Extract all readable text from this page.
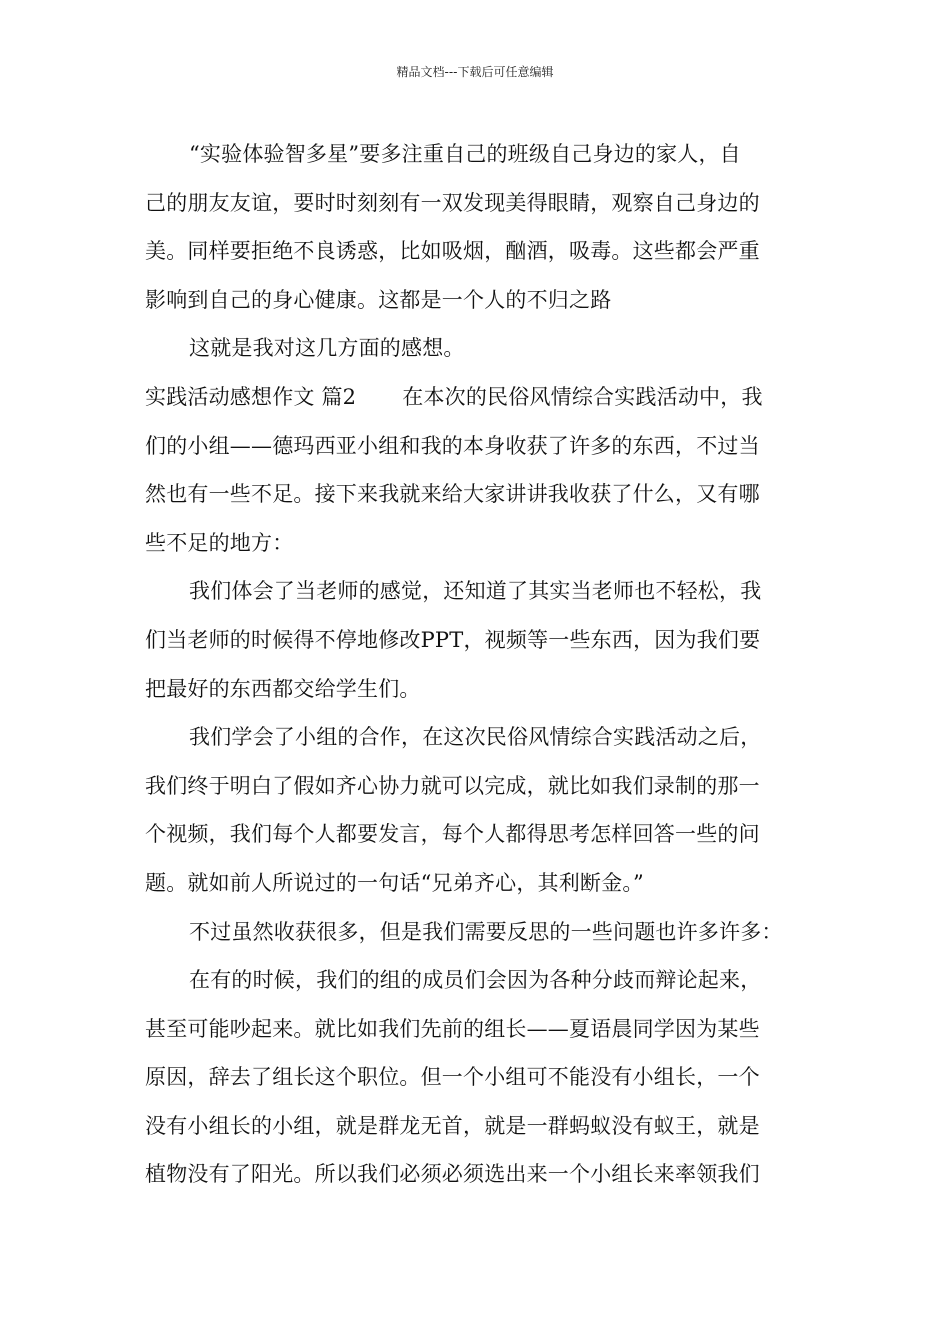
精品文档---下载后可任意编辑
“实验体验智多星”要多注重自己的班级自己身边的家人，自
己的朋友友谊，要时时刻刻有一双发现美得眼睛，观察自己身边的
美。同样要拒绝不良诱惑，比如吸烟，酗酒，吸毒。这些都会严重
影响到自己的身心健康。这都是一个人的不归之路
这就是我对这几方面的感想。
实践活动感想作文 篇2 在本次的民俗风情综合实践活动中，我
们的小组——德玛西亚小组和我的本身收获了许多的东西，不过当
然也有一些不足。接下来我就来给大家讲讲我收获了什么，又有哪
些不足的地方：
我们体会了当老师的感觉，还知道了其实当老师也不轻松，我
们当老师的时候得不停地修改PPT，视频等一些东西，因为我们要
把最好的东西都交给学生们。
我们学会了小组的合作，在这次民俗风情综合实践活动之后，
我们终于明白了假如齐心协力就可以完成，就比如我们录制的那一
个视频，我们每个人都要发言，每个人都得思考怎样回答一些的问
题。就如前人所说过的一句话“兄弟齐心，其利断金。”
不过虽然收获很多，但是我们需要反思的一些问题也许多许多：
在有的时候，我们的组的成员们会因为各种分歧而辩论起来，
甚至可能吵起来。就比如我们先前的组长——夏语晨同学因为某些
原因，辞去了组长这个职位。但一个小组可不能没有小组长，一个
没有小组长的小组，就是群龙无首，就是一群蚂蚁没有蚁王，就是
植物没有了阳光。所以我们必须必须选出来一个小组长来率领我们
